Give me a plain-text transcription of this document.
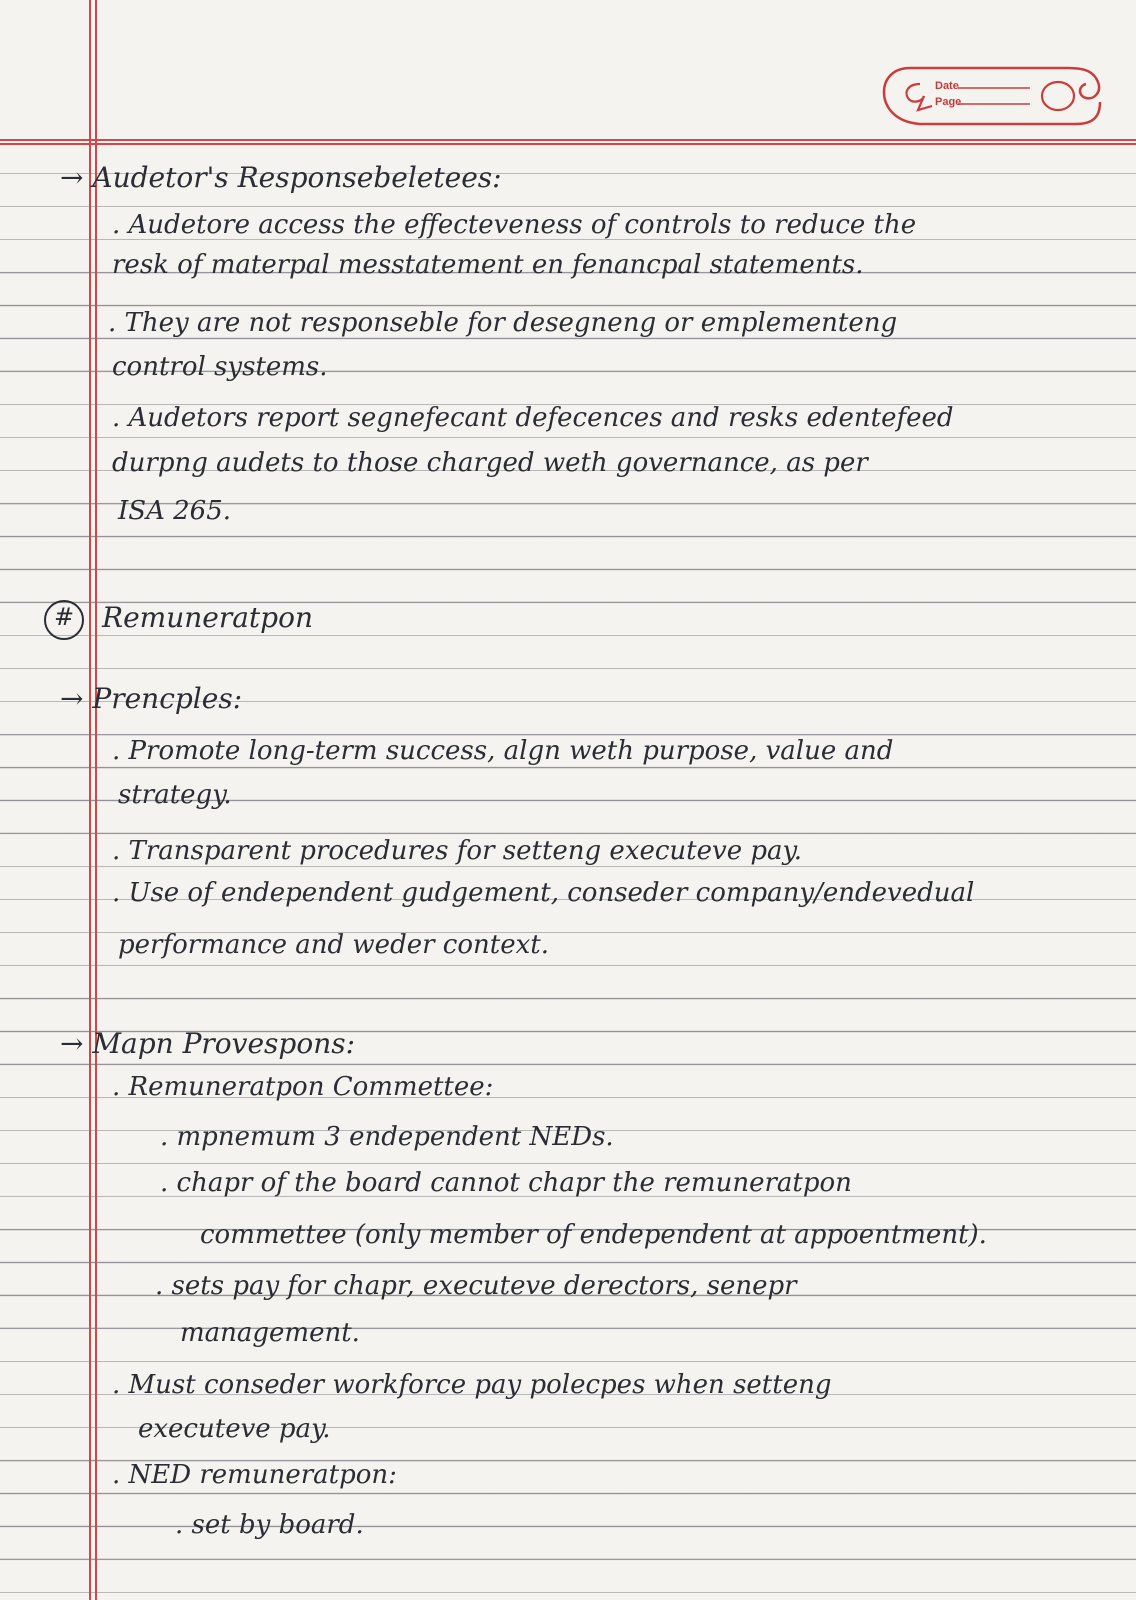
Date
Page

→ Audetor's Responsebeletees:

. Audetore access the effecteveness of controls to reduce the

resk of materpal messtatement en fenancpal statements.

. They are not responseble for desegneng or emplementeng

control systems.

. Audetors report segnefecant defecences and resks edentefeed

durpng audets to those charged weth governance, as per

ISA 265.

# Remuneratpon

→ Prencples:

. Promote long-term success, algn weth purpose, value and

strategy.

. Transparent procedures for setteng executeve pay.

. Use of endependent gudgement, conseder company/endevedual

performance and weder context.

→ Mapn Provespons:

. Remuneratpon Commettee:

. mpnemum 3 endependent NEDs.

. chapr of the board cannot chapr the remuneratpon

commettee (only member of endependent at appoentment).

. sets pay for chapr, executeve derectors, senepr

management.

. Must conseder workforce pay polecpes when setteng

executeve pay.

. NED remuneratpon:

. set by board.
